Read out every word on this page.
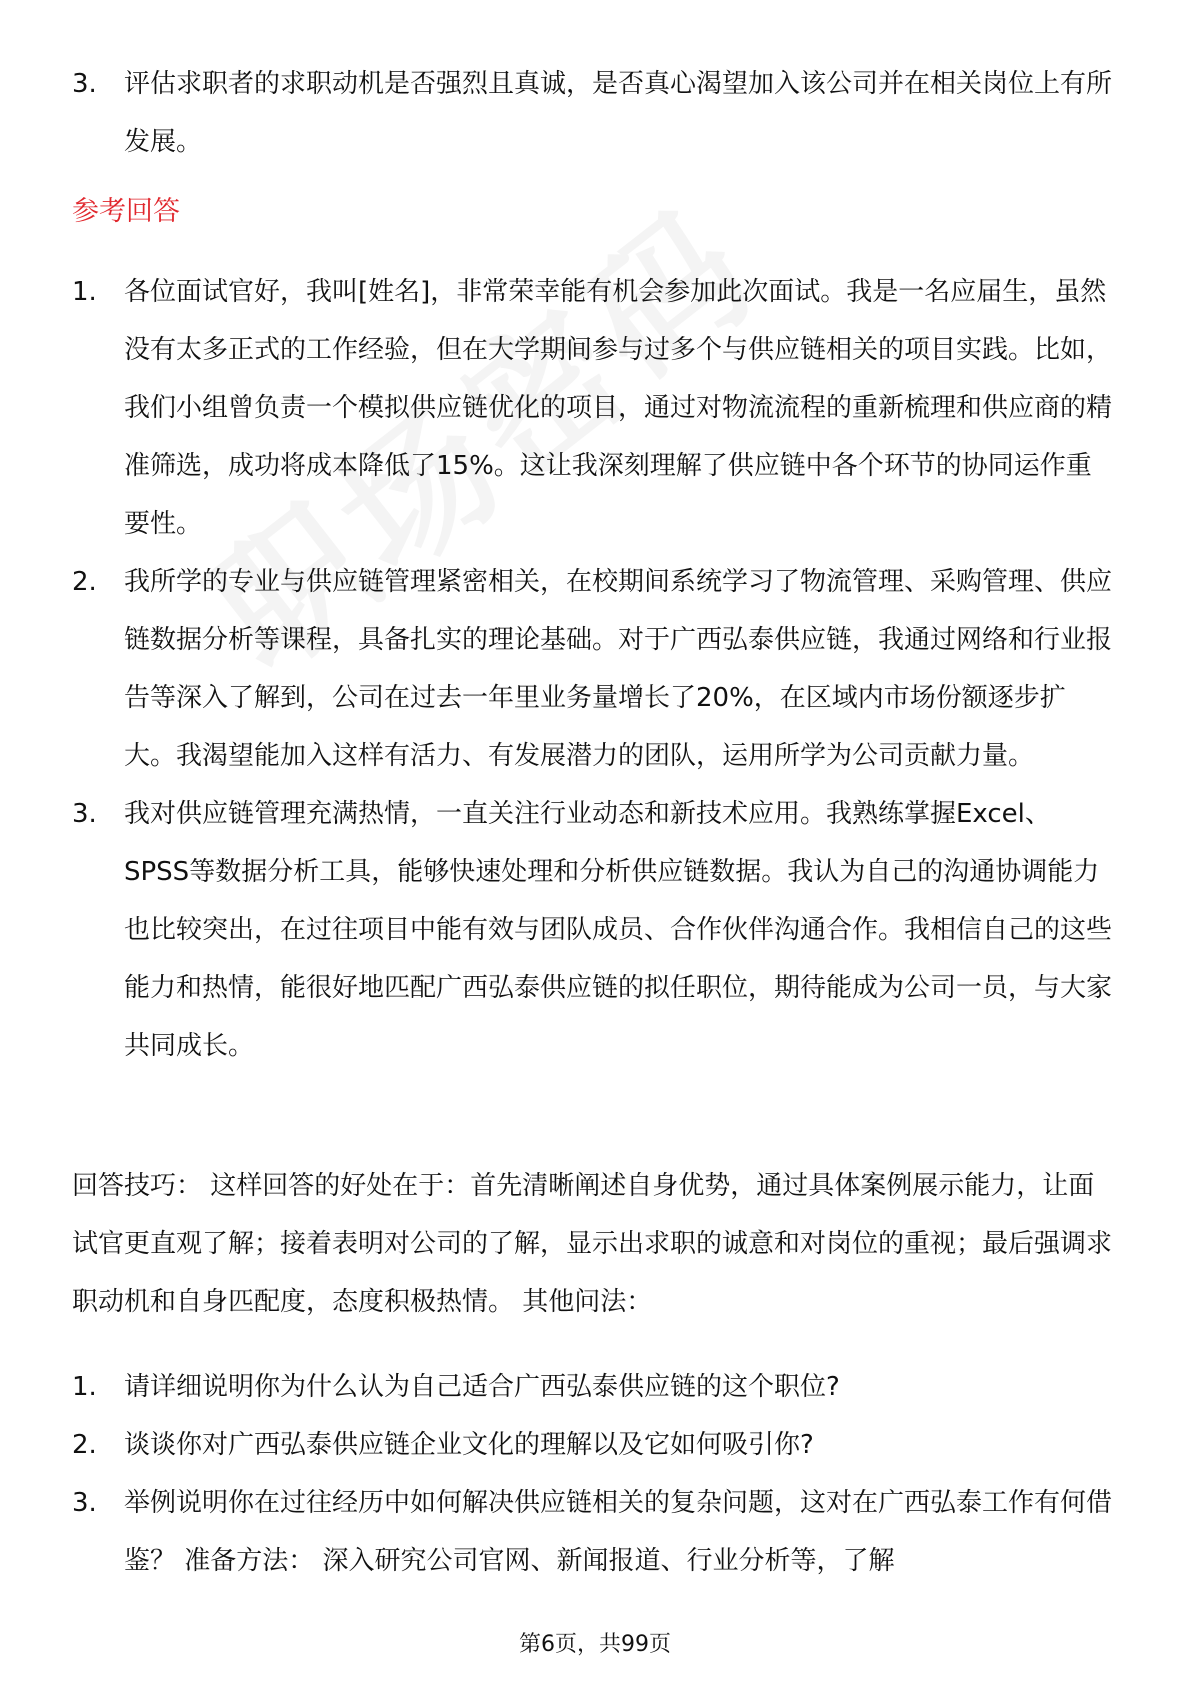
3. 评估求职者的求职动机是否强烈且真诚，是否真心渴望加入该公司并在相关岗位上有所发展。
参考回答
1. 各位面试官好，我叫[姓名]，非常荣幸能有机会参加此次面试。我是一名应届生，虽然没有太多正式的工作经验，但在大学期间参与过多个与供应链相关的项目实践。比如，我们小组曾负责一个模拟供应链优化的项目，通过对物流流程的重新梳理和供应商的精准筛选，成功将成本降低了15%。这让我深刻理解了供应链中各个环节的协同运作重要性。
2. 我所学的专业与供应链管理紧密相关，在校期间系统学习了物流管理、采购管理、供应链数据分析等课程，具备扎实的理论基础。对于广西弘泰供应链，我通过网络和行业报告等深入了解到，公司在过去一年里业务量增长了20%，在区域内市场份额逐步扩大。我渴望能加入这样有活力、有发展潜力的团队，运用所学为公司贡献力量。
3. 我对供应链管理充满热情，一直关注行业动态和新技术应用。我熟练掌握Excel、SPSS等数据分析工具，能够快速处理和分析供应链数据。我认为自己的沟通协调能力也比较突出，在过往项目中能有效与团队成员、合作伙伴沟通合作。我相信自己的这些能力和热情，能很好地匹配广西弘泰供应链的拟任职位，期待能成为公司一员，与大家共同成长。

回答技巧： 这样回答的好处在于：首先清晰阐述自身优势，通过具体案例展示能力，让面试官更直观了解；接着表明对公司的了解，显示出求职的诚意和对岗位的重视；最后强调求职动机和自身匹配度，态度积极热情。 其他问法：

1. 请详细说明你为什么认为自己适合广西弘泰供应链的这个职位?
2. 谈谈你对广西弘泰供应链企业文化的理解以及它如何吸引你?
3. 举例说明你在过往经历中如何解决供应链相关的复杂问题，这对在广西弘泰工作有何借鉴？ 准备方法： 深入研究公司官网、新闻报道、行业分析等，了解
第6页，共99页
